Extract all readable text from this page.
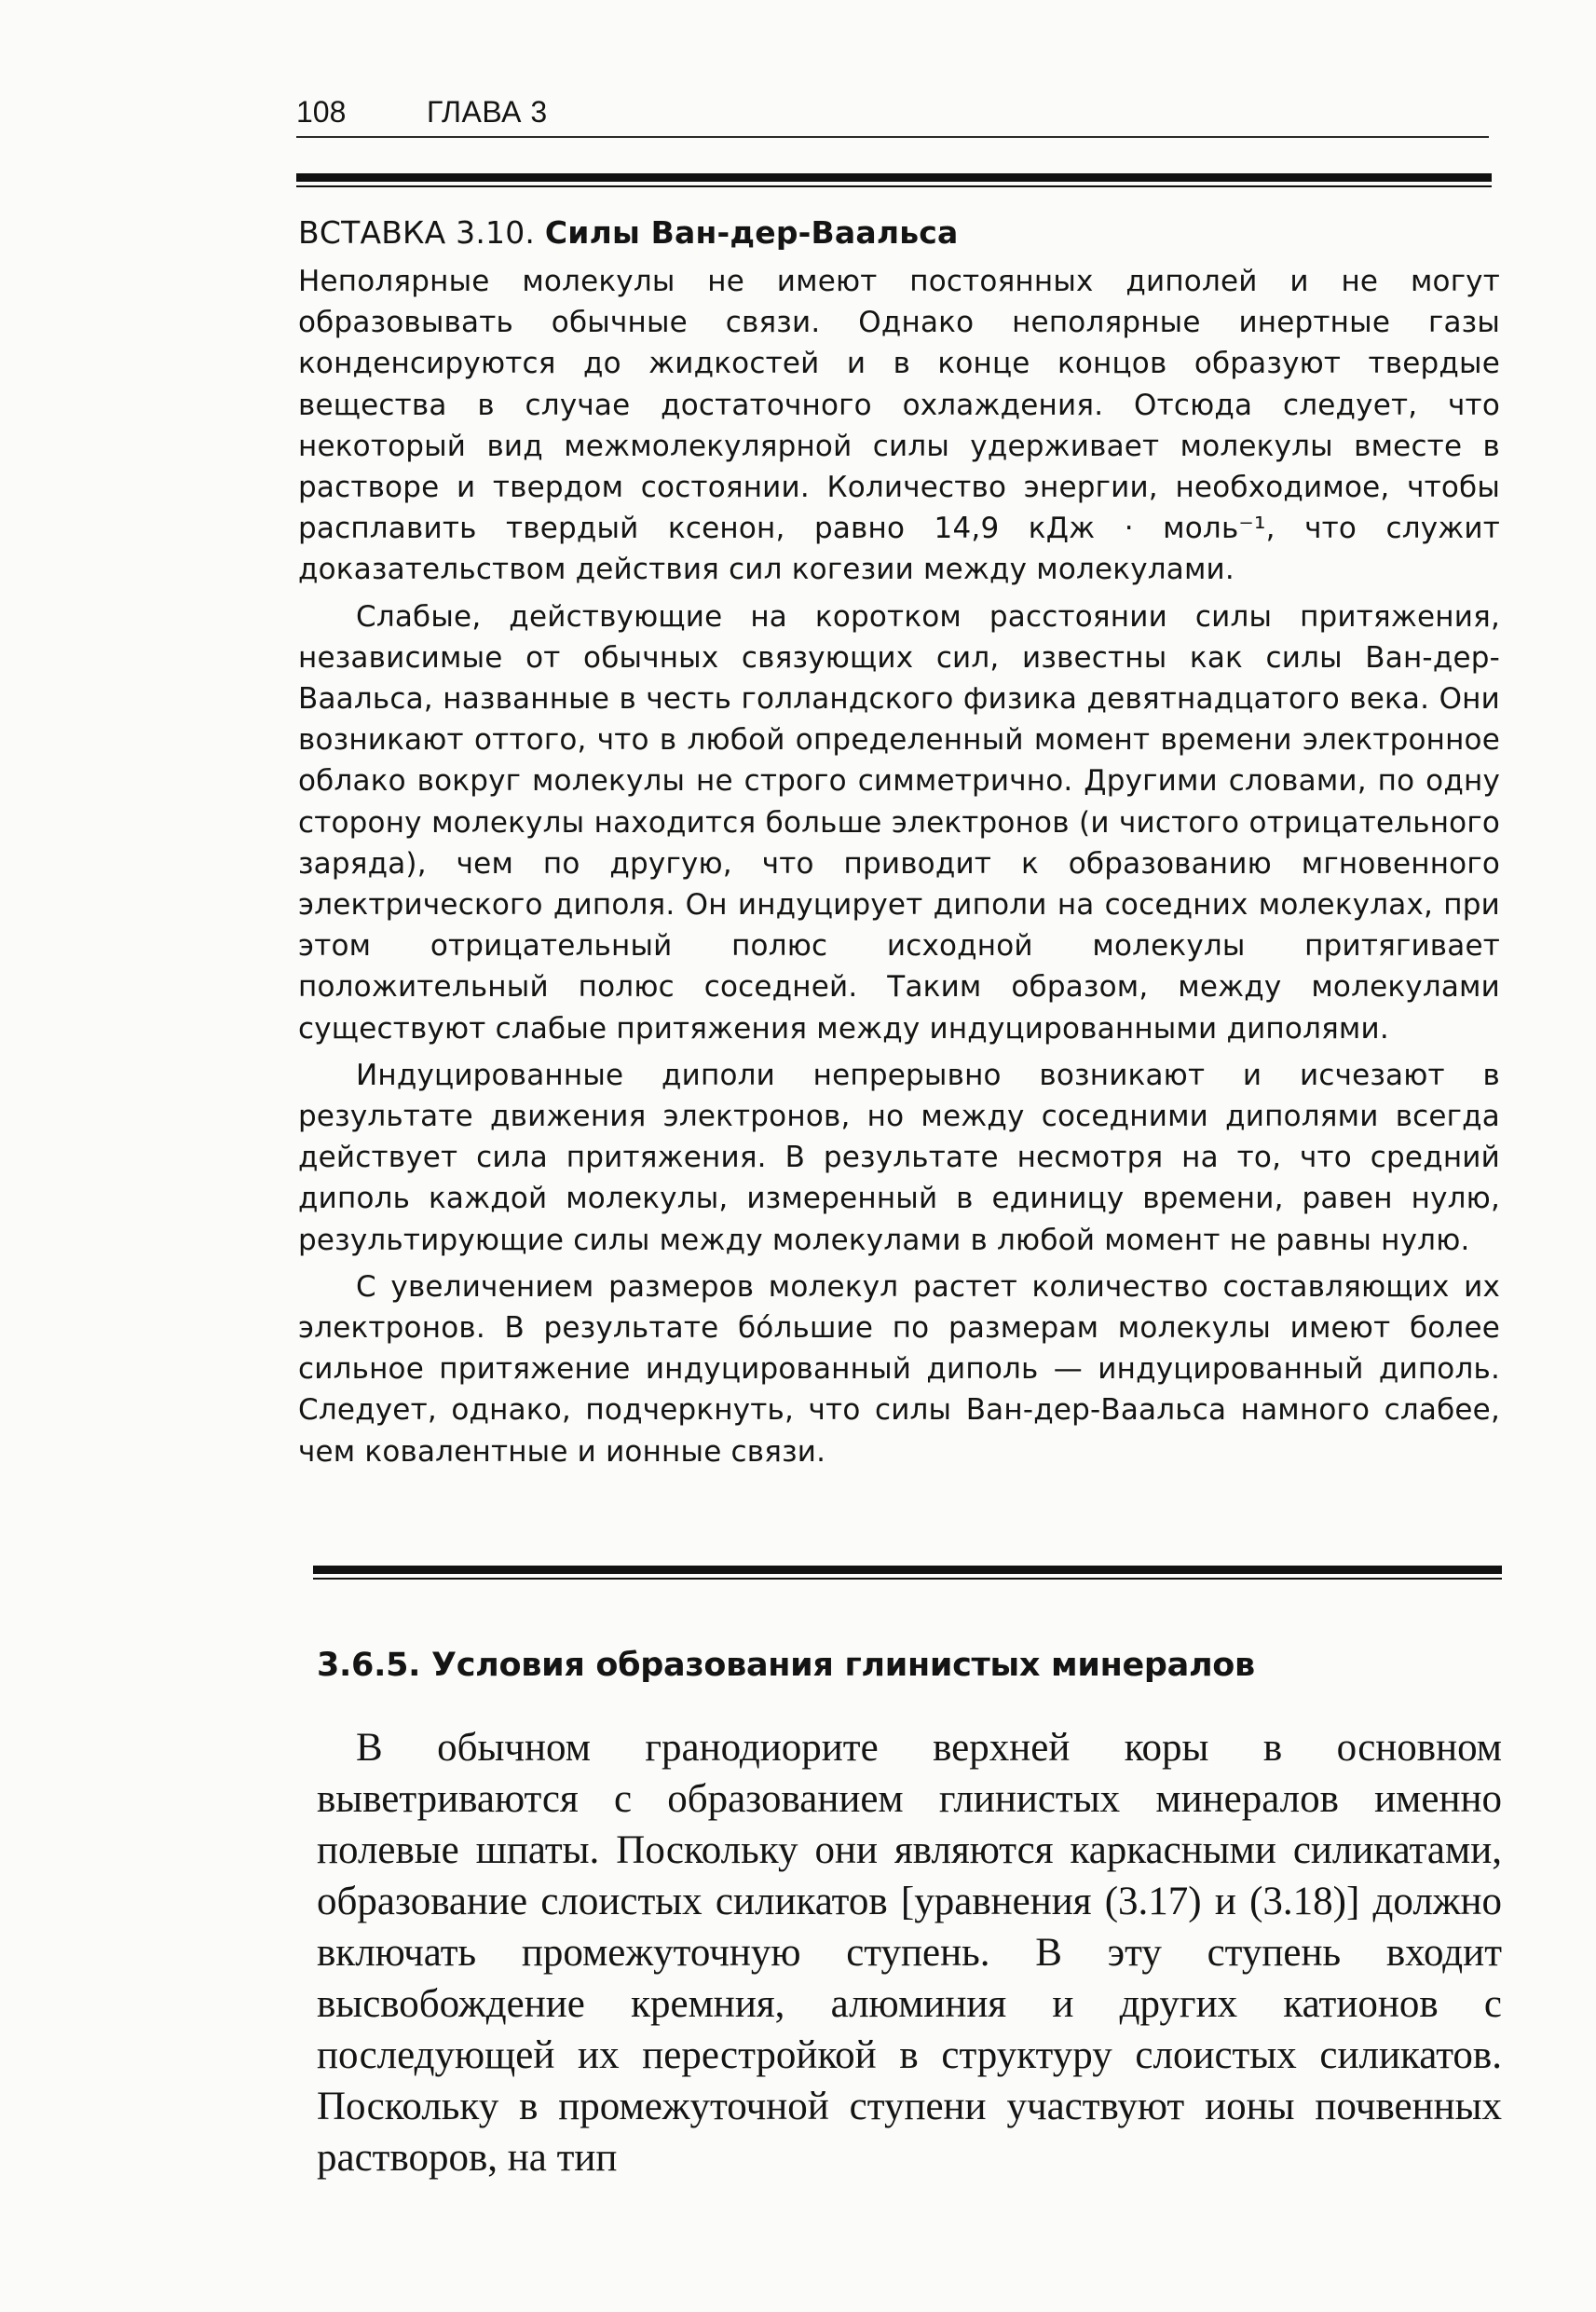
108	ГЛАВА 3
ВСТАВКА 3.10. Силы Ван-дер-Ваальса

Неполярные молекулы не имеют постоянных диполей и не могут образовывать обычные связи. Однако неполярные инертные газы конденсируются до жидкостей и в конце концов образуют твердые вещества в случае достаточного охлаждения. Отсюда следует, что некоторый вид межмолекулярной силы удерживает молекулы вместе в растворе и твердом состоянии. Количество энергии, необходимое, чтобы расплавить твердый ксенон, равно 14,9 кДж · моль⁻¹, что служит доказательством действия сил когезии между молекулами.

Слабые, действующие на коротком расстоянии силы притяжения, независимые от обычных связующих сил, известны как силы Ван-дер-Ваальса, названные в честь голландского физика девятнадцатого века. Они возникают оттого, что в любой определенный момент времени электронное облако вокруг молекулы не строго симметрично. Другими словами, по одну сторону молекулы находится больше электронов (и чистого отрицательного заряда), чем по другую, что приводит к образованию мгновенного электрического диполя. Он индуцирует диполи на соседних молекулах, при этом отрицательный полюс исходной молекулы притягивает положительный полюс соседней. Таким образом, между молекулами существуют слабые притяжения между индуцированными диполями.

Индуцированные диполи непрерывно возникают и исчезают в результате движения электронов, но между соседними диполями всегда действует сила притяжения. В результате несмотря на то, что средний диполь каждой молекулы, измеренный в единицу времени, равен нулю, результирующие силы между молекулами в любой момент не равны нулю.

С увеличением размеров молекул растет количество составляющих их электронов. В результате бóльшие по размерам молекулы имеют более сильное притяжение индуцированный диполь — индуцированный диполь. Следует, однако, подчеркнуть, что силы Ван-дер-Ваальса намного слабее, чем ковалентные и ионные связи.

3.6.5. Условия образования глинистых минералов

В обычном гранодиорите верхней коры в основном выветриваются с образованием глинистых минералов именно полевые шпаты. Поскольку они являются каркасными силикатами, образование слоистых силикатов [уравнения (3.17) и (3.18)] должно включать промежуточную ступень. В эту ступень входит высвобождение кремния, алюминия и других катионов с последующей их перестройкой в структуру слоистых силикатов. Поскольку в промежуточной ступени участвуют ионы почвенных растворов, на тип
